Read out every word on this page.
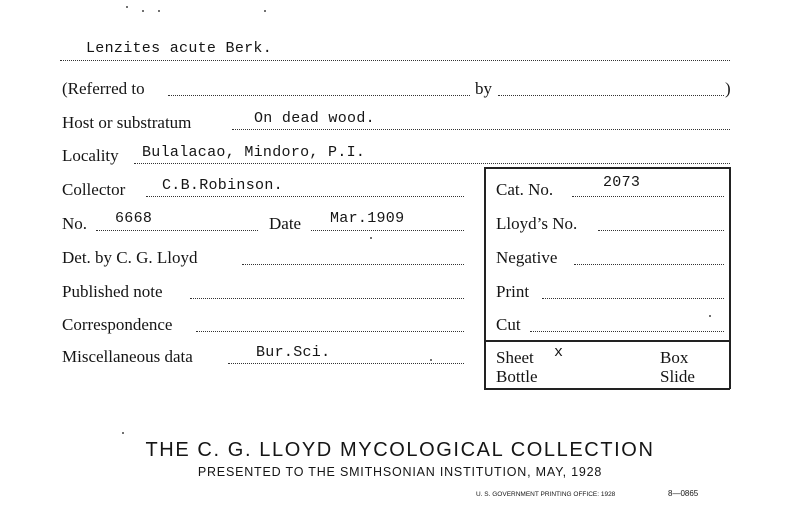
Lenzites acute Berk.
(Referred to	by	)
Host or substratum	On dead wood.
Locality Bulalacao, Mindoro, P.I.
Collector C.B.Robinson.
No. 6668	Date Mar.1909
Det. by C. G. Lloyd
Published note
Correspondence
Miscellaneous data	Bur.Sci.
Cat. No.	2073
Lloyd’s No.
Negative
Print
Cut
Sheet x	Box
Bottle	Slide
THE C. G. LLOYD MYCOLOGICAL COLLECTION
PRESENTED TO THE SMITHSONIAN INSTITUTION, MAY, 1928
U. S. GOVERNMENT PRINTING OFFICE: 1928	8—0865
